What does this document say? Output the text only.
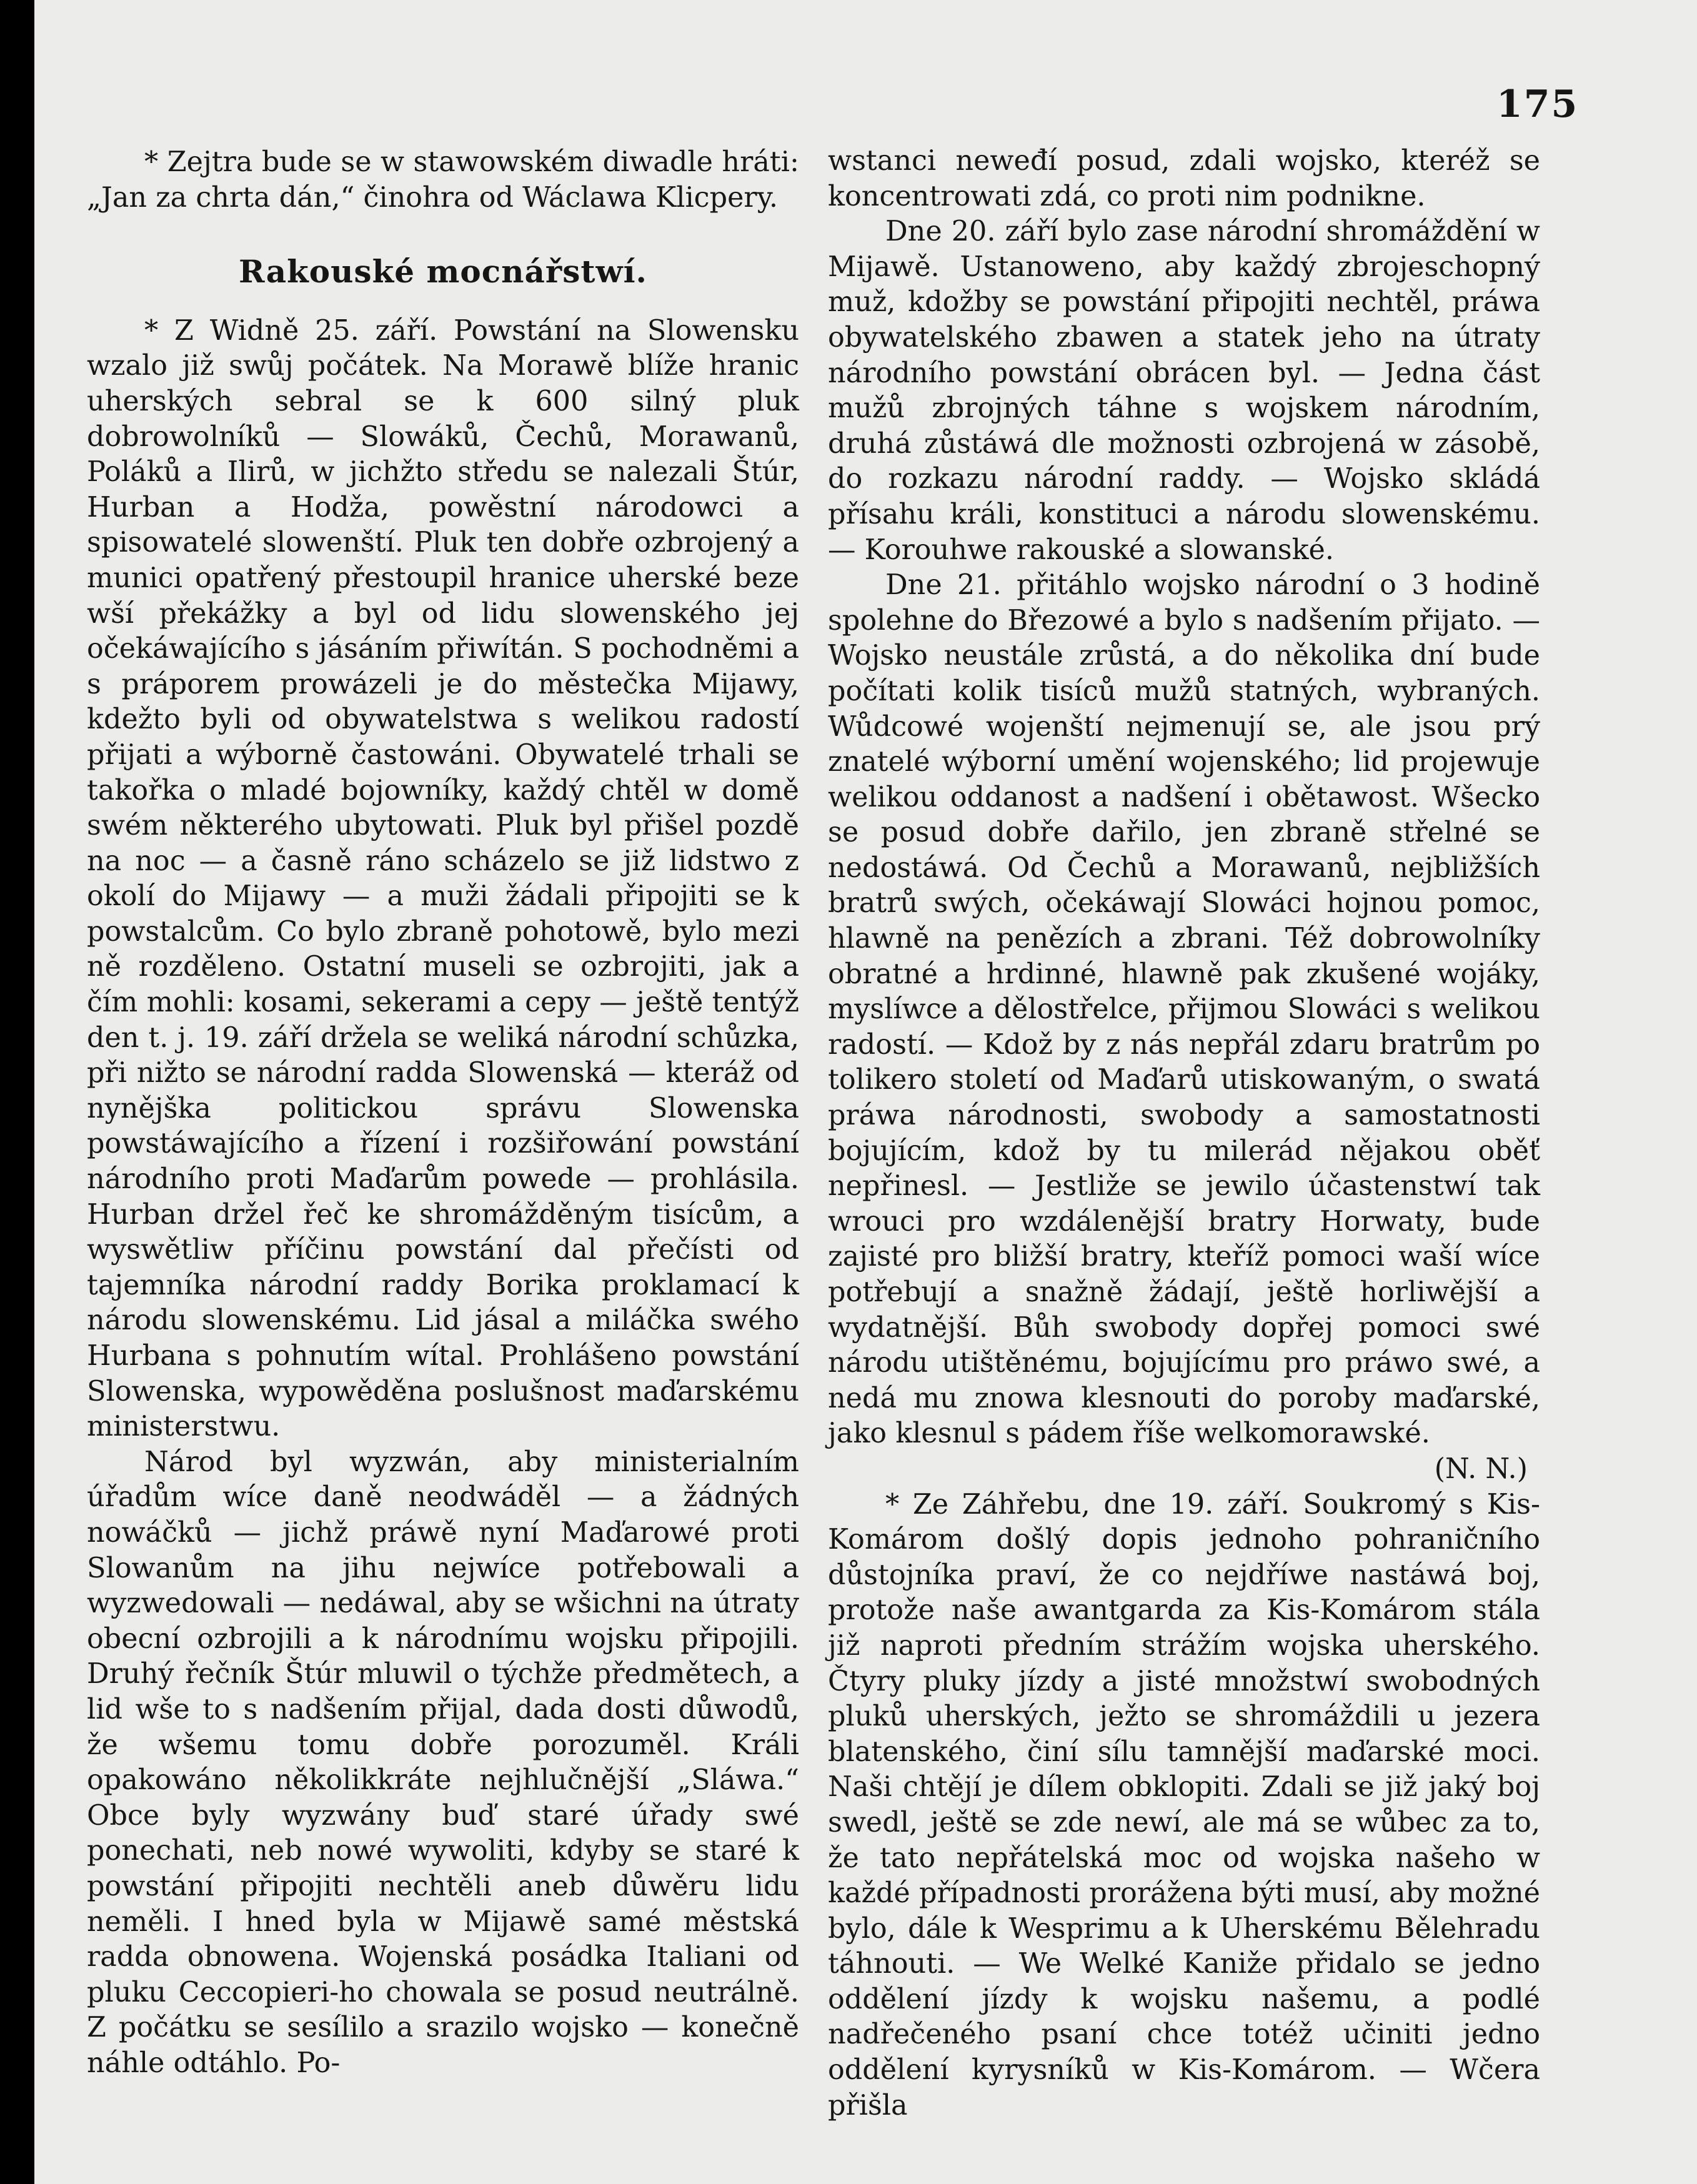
175

* Zejtra bude se w stawowském diwadle hráti: „Jan za chrta dán,“ činohra od Wáclawa Klicpery.

Rakouské mocnářstwí.

* Z Widně 25. září. Powstání na Slowensku wzalo již swůj počátek. Na Morawě blíže hranic uherských sebral se k 600 silný pluk dobrowolníků — Slowáků, Čechů, Morawanů, Poláků a Ilirů, w jichžto středu se nalezali Štúr, Hurban a Hodža, powěstní národowci a spisowatelé slowenští. Pluk ten dobře ozbrojený a munici opatřený přestoupil hranice uherské beze wší překážky a byl od lidu slowenského jej očekáwajícího s jásáním přiwítán. S pochodněmi a s práporem prowázeli je do městečka Mijawy, kdežto byli od obywatelstwa s welikou radostí přijati a wýborně častowáni. Obywatelé trhali se takořka o mladé bojowníky, každý chtěl w domě swém některého ubytowati. Pluk byl přišel pozdě na noc — a časně ráno scházelo se již lidstwo z okolí do Mijawy — a muži žádali připojiti se k powstalcům. Co bylo zbraně pohotowě, bylo mezi ně rozděleno. Ostatní museli se ozbrojiti, jak a čím mohli: kosami, sekerami a cepy — ještě tentýž den t. j. 19. září držela se weliká národní schůzka, při nižto se národní radda Slowenská — kteráž od nynějška politickou správu Slowenska powstáwajícího a řízení i rozšiřowání powstání národního proti Maďarům powede — prohlásila. Hurban držel řeč ke shromážděným tisícům, a wyswětliw příčinu powstání dal přečísti od tajemníka národní raddy Borika proklamací k národu slowenskému. Lid jásal a miláčka swého Hurbana s pohnutím wítal. Prohlášeno powstání Slowenska, wypowěděna poslušnost maďarskému ministerstwu.

Národ byl wyzwán, aby ministerialním úřadům wíce daně neodwáděl — a žádných nowáčků — jichž práwě nyní Maďarowé proti Slowanům na jihu nejwíce potřebowali a wyzwedowali — nedáwal, aby se wšichni na útraty obecní ozbrojili a k národnímu wojsku připojili. Druhý řečník Štúr mluwil o týchže předmětech, a lid wše to s nadšením přijal, dada dosti důwodů, že wšemu tomu dobře porozuměl. Králi opakowáno několikkráte nejhlučnější „Sláwa.“ Obce byly wyzwány buď staré úřady swé ponechati, neb nowé wywoliti, kdyby se staré k powstání připojiti nechtěli aneb důwěru lidu neměli. I hned byla w Mijawě samé městská radda obnowena. Wojenská posádka Italiani od pluku Ceccopieri-ho chowala se posud neutrálně. Z počátku se sesílilo a srazilo wojsko — konečně náhle odtáhlo. Po-

wstanci neweđí posud, zdali wojsko, kteréž se koncentrowati zdá, co proti nim podnikne.

Dne 20. září bylo zase národní shromáždění w Mijawě. Ustanoweno, aby každý zbrojeschopný muž, kdožby se powstání připojiti nechtěl, práwa obywatelského zbawen a statek jeho na útraty národního powstání obrácen byl. — Jedna část mužů zbrojných táhne s wojskem národním, druhá zůstáwá dle možnosti ozbrojená w zásobě, do rozkazu národní raddy. — Wojsko skládá přísahu králi, konstituci a národu slowenskému. — Korouhwe rakouské a slowanské.

Dne 21. přitáhlo wojsko národní o 3 hodině spolehne do Březowé a bylo s nadšením přijato. — Wojsko neustále zrůstá, a do několika dní bude počítati kolik tisíců mužů statných, wybraných. Wůdcowé wojenští nejmenují se, ale jsou prý znatelé wýborní umění wojenského; lid projewuje welikou oddanost a nadšení i obětawost. Wšecko se posud dobře dařilo, jen zbraně střelné se nedostáwá. Od Čechů a Morawanů, nejbližších bratrů swých, očekáwají Slowáci hojnou pomoc, hlawně na penězích a zbrani. Též dobrowolníky obratné a hrdinné, hlawně pak zkušené wojáky, myslíwce a dělostřelce, přijmou Slowáci s welikou radostí. — Kdož by z nás nepřál zdaru bratrům po tolikero století od Maďarů utiskowaným, o swatá práwa národnosti, swobody a samostatnosti bojujícím, kdož by tu milerád nějakou oběť nepřinesl. — Jestliže se jewilo účastenstwí tak wrouci pro wzdálenější bratry Horwaty, bude zajisté pro bližší bratry, kteříž pomoci waší wíce potřebují a snažně žádají, ještě horliwější a wydatnější. Bůh swobody dopřej pomoci swé národu utištěnému, bojujícímu pro práwo swé, a nedá mu znowa klesnouti do poroby maďarské, jako klesnul s pádem říše welkomorawské.

(N. N.)

* Ze Záhřebu, dne 19. září. Soukromý s Kis-Komárom došlý dopis jednoho pohraničního důstojníka praví, že co nejdříwe nastáwá boj, protože naše awantgarda za Kis-Komárom stála již naproti předním strážím wojska uherského. Čtyry pluky jízdy a jisté množstwí swobodných pluků uherských, ježto se shromáždili u jezera blatenského, činí sílu tamnější maďarské moci. Naši chtějí je dílem obklopiti. Zdali se již jaký boj swedl, ještě se zde newí, ale má se wůbec za to, že tato nepřátelská moc od wojska našeho w každé případnosti prorážena býti musí, aby možné bylo, dále k Wesprimu a k Uherskému Bělehradu táhnouti. — We Welké Kaniže přidalo se jedno oddělení jízdy k wojsku našemu, a podlé nadřečeného psaní chce totéž učiniti jedno oddělení kyrysníků w Kis-Komárom. — Wčera přišla
